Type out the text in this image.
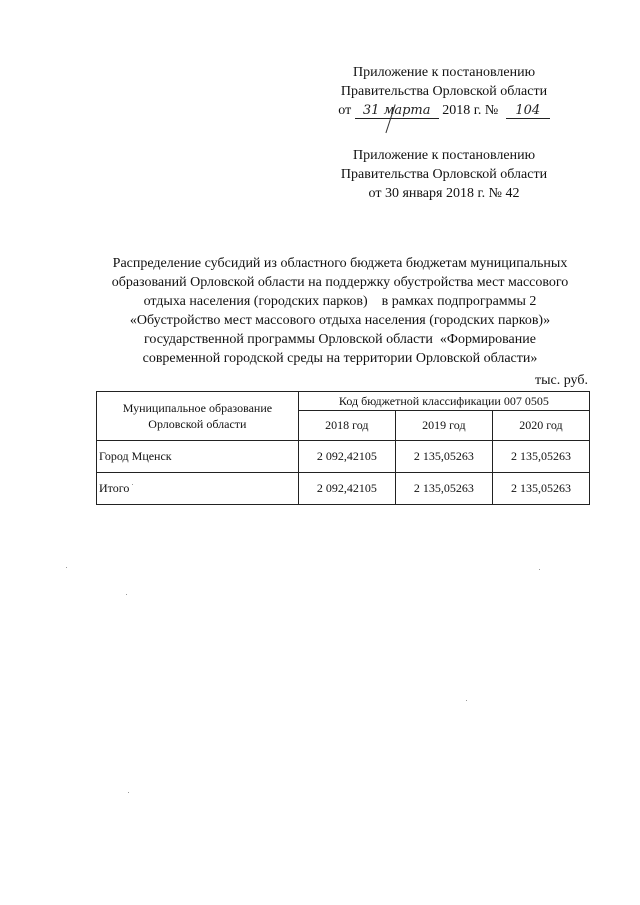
Приложение к постановлению
Правительства Орловской области
от 31 марта 2018 г. № 104
Приложение к постановлению
Правительства Орловской области
от 30 января 2018 г. № 42
Распределение субсидий из областного бюджета бюджетам муниципальных
образований Орловской области на поддержку обустройства мест массового
отдыха населения (городских парков)    в рамках подпрограммы 2
«Обустройство мест массового отдыха населения (городских парков)»
государственной программы Орловской области  «Формирование
современной городской среды на территории Орловской области»
тыс. руб.
Муниципальное образование
Орловской области	Код бюджетной классификации 007 0505		
	2018 год	2019 год	2020 год
Город Мценск	2 092,42105	2 135,05263	2 135,05263
Итого	2 092,42105	2 135,05263	2 135,05263
